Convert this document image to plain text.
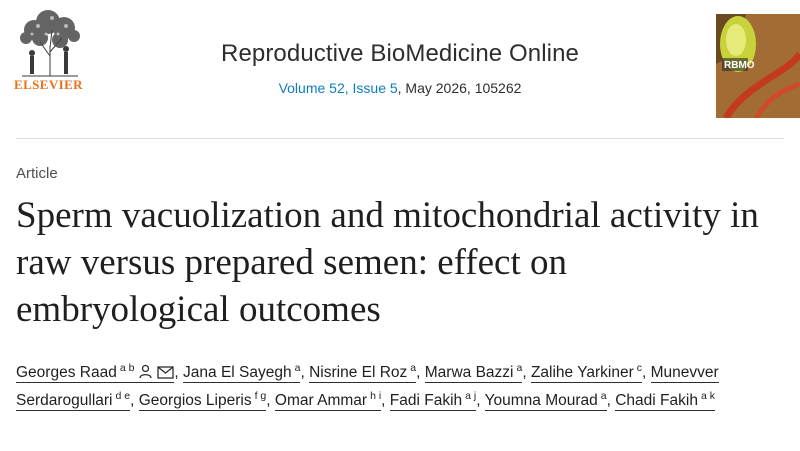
ELSEVIER
Reproductive BioMedicine Online
Volume 52, Issue 5, May 2026, 105262
RBMO
Article
Sperm vacuolization and mitochondrial activity in raw versus prepared semen: effect on embryological outcomes
Georges Raad $^{a b}$	, Jana El Sayegh $^a$, Nisrine El Roz $^a$, Marwa Bazzi $^a$, Zalihe Yarkiner $^c$, Munevver Serdarogullari $^{d e}$, Georgios Liperis $^{f g}$, Omar Ammar $^{h i}$, Fadi Fakih $^{a j}$, Youmna Mourad $^a$, Chadi Fakih $^{a k}$
